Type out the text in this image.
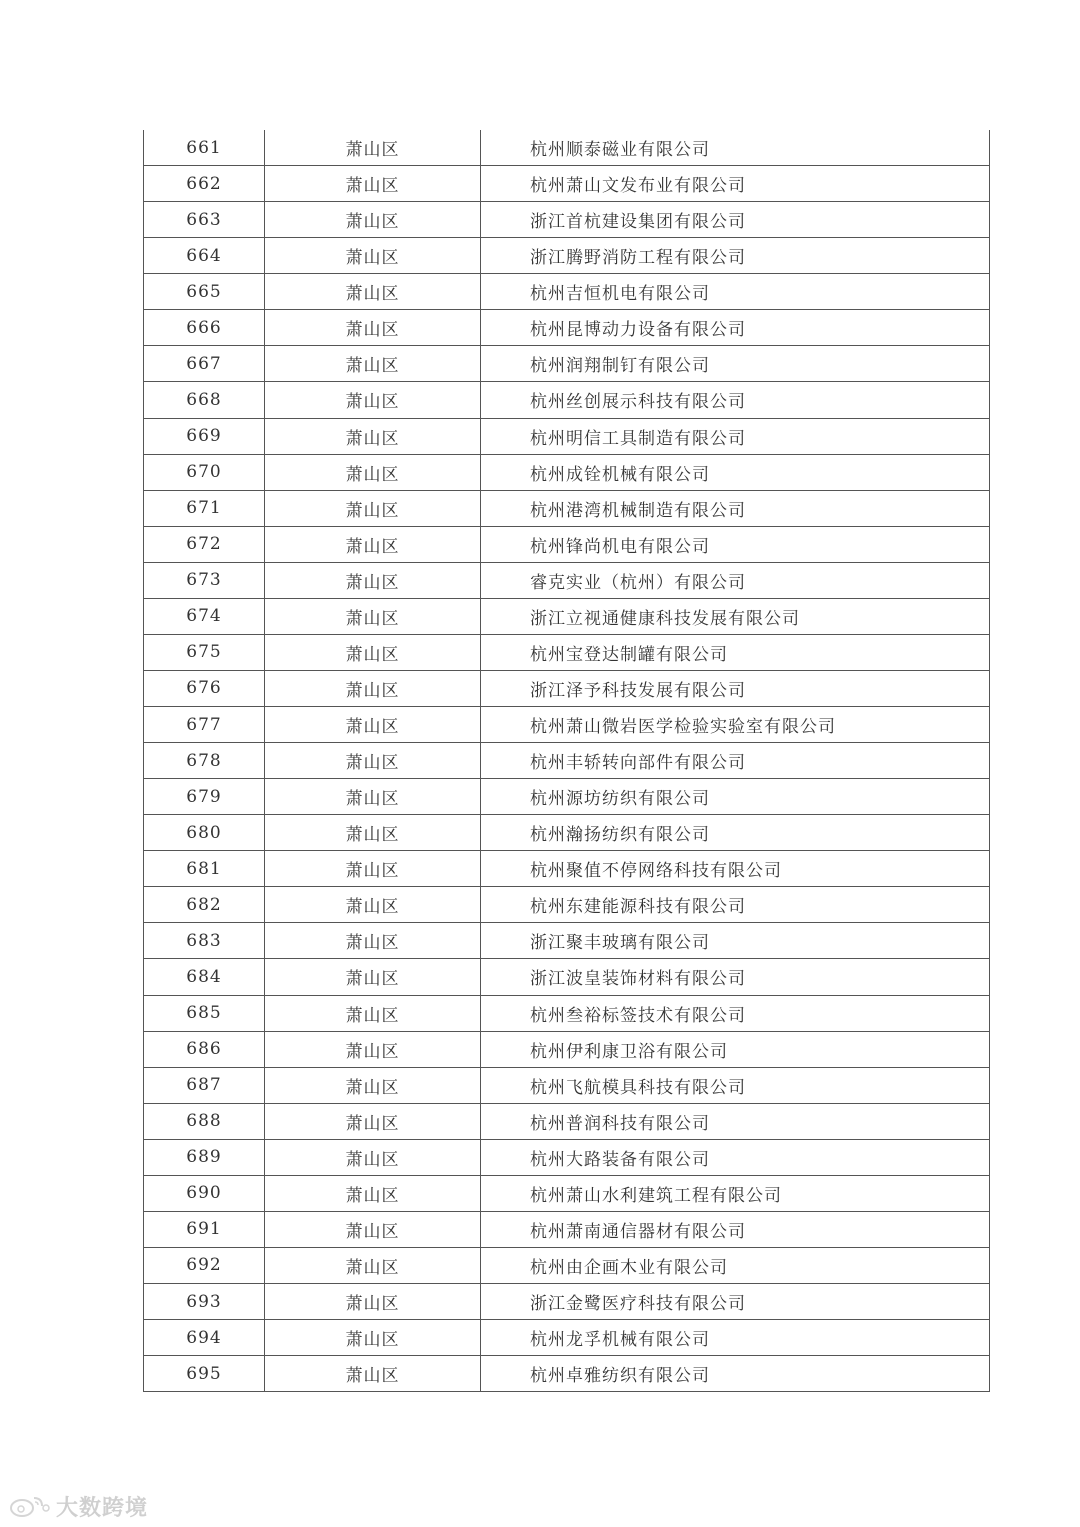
661	萧山区	杭州顺泰磁业有限公司
662	萧山区	杭州萧山文发布业有限公司
663	萧山区	浙江首杭建设集团有限公司
664	萧山区	浙江腾野消防工程有限公司
665	萧山区	杭州吉恒机电有限公司
666	萧山区	杭州昆博动力设备有限公司
667	萧山区	杭州润翔制钉有限公司
668	萧山区	杭州丝创展示科技有限公司
669	萧山区	杭州明信工具制造有限公司
670	萧山区	杭州成铨机械有限公司
671	萧山区	杭州港湾机械制造有限公司
672	萧山区	杭州锋尚机电有限公司
673	萧山区	睿克实业（杭州）有限公司
674	萧山区	浙江立视通健康科技发展有限公司
675	萧山区	杭州宝登达制罐有限公司
676	萧山区	浙江泽予科技发展有限公司
677	萧山区	杭州萧山微岩医学检验实验室有限公司
678	萧山区	杭州丰轿转向部件有限公司
679	萧山区	杭州源坊纺织有限公司
680	萧山区	杭州瀚扬纺织有限公司
681	萧山区	杭州聚值不停网络科技有限公司
682	萧山区	杭州东建能源科技有限公司
683	萧山区	浙江聚丰玻璃有限公司
684	萧山区	浙江波皇装饰材料有限公司
685	萧山区	杭州叁裕标签技术有限公司
686	萧山区	杭州伊利康卫浴有限公司
687	萧山区	杭州飞航模具科技有限公司
688	萧山区	杭州普润科技有限公司
689	萧山区	杭州大路装备有限公司
690	萧山区	杭州萧山水利建筑工程有限公司
691	萧山区	杭州萧南通信器材有限公司
692	萧山区	杭州由企画木业有限公司
693	萧山区	浙江金鹭医疗科技有限公司
694	萧山区	杭州龙孚机械有限公司
695	萧山区	杭州卓雅纺织有限公司
大数跨境
